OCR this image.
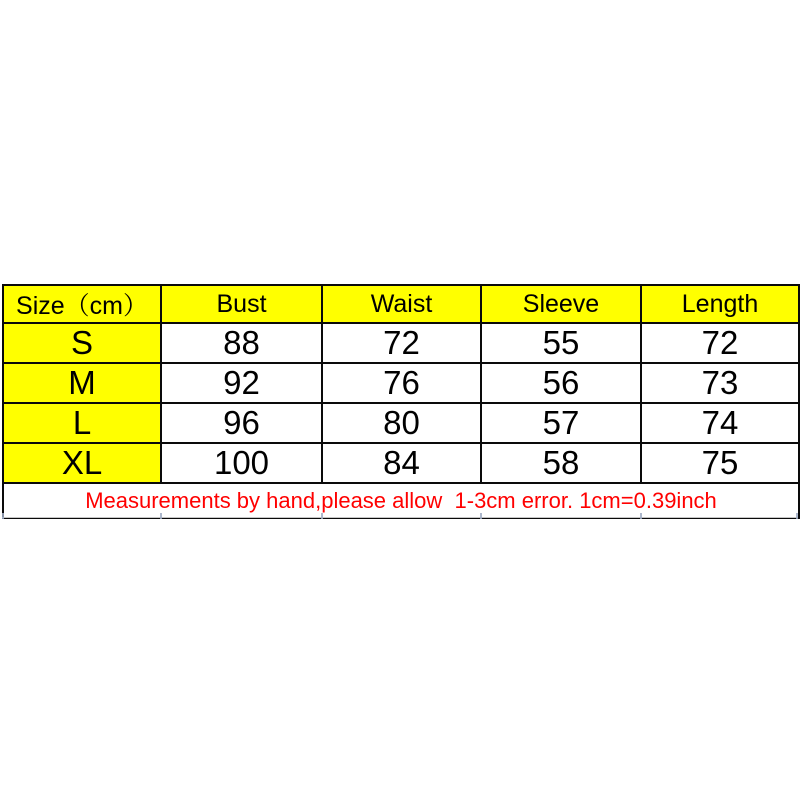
Size（cm）	Bust	Waist	Sleeve	Length
S	88	72	55	72
M	92	76	56	73
L	96	80	57	74
XL	100	84	58	75
Measurements by hand,please allow  1-3cm error. 1cm=0.39inch				
